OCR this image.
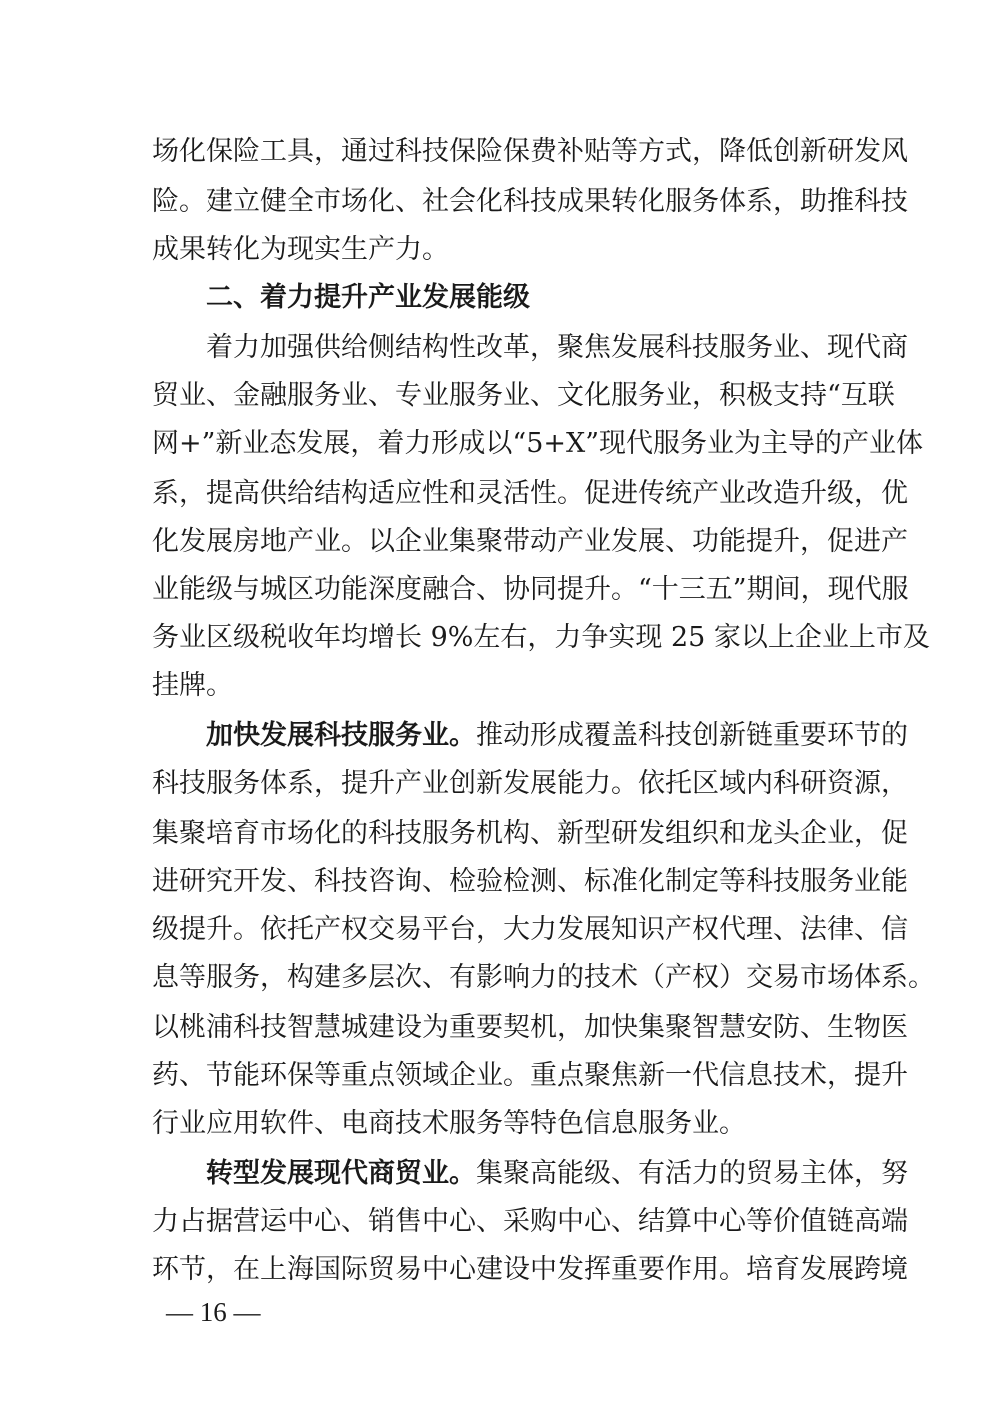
场化保险工具，通过科技保险保费补贴等方式，降低创新研发风
险。建立健全市场化、社会化科技成果转化服务体系，助推科技
成果转化为现实生产力。
二、着力提升产业发展能级
着力加强供给侧结构性改革，聚焦发展科技服务业、现代商
贸业、金融服务业、专业服务业、文化服务业，积极支持“互联
网+”新业态发展，着力形成以“5+X”现代服务业为主导的产业体
系，提高供给结构适应性和灵活性。促进传统产业改造升级，优
化发展房地产业。以企业集聚带动产业发展、功能提升，促进产
业能级与城区功能深度融合、协同提升。“十三五”期间，现代服
务业区级税收年均增长 9%左右，力争实现 25 家以上企业上市及
挂牌。
加快发展科技服务业。推动形成覆盖科技创新链重要环节的
科技服务体系，提升产业创新发展能力。依托区域内科研资源，
集聚培育市场化的科技服务机构、新型研发组织和龙头企业，促
进研究开发、科技咨询、检验检测、标准化制定等科技服务业能
级提升。依托产权交易平台，大力发展知识产权代理、法律、信
息等服务，构建多层次、有影响力的技术（产权）交易市场体系。
以桃浦科技智慧城建设为重要契机，加快集聚智慧安防、生物医
药、节能环保等重点领域企业。重点聚焦新一代信息技术，提升
行业应用软件、电商技术服务等特色信息服务业。
转型发展现代商贸业。集聚高能级、有活力的贸易主体，努
力占据营运中心、销售中心、采购中心、结算中心等价值链高端
环节，在上海国际贸易中心建设中发挥重要作用。培育发展跨境
— 16 —
